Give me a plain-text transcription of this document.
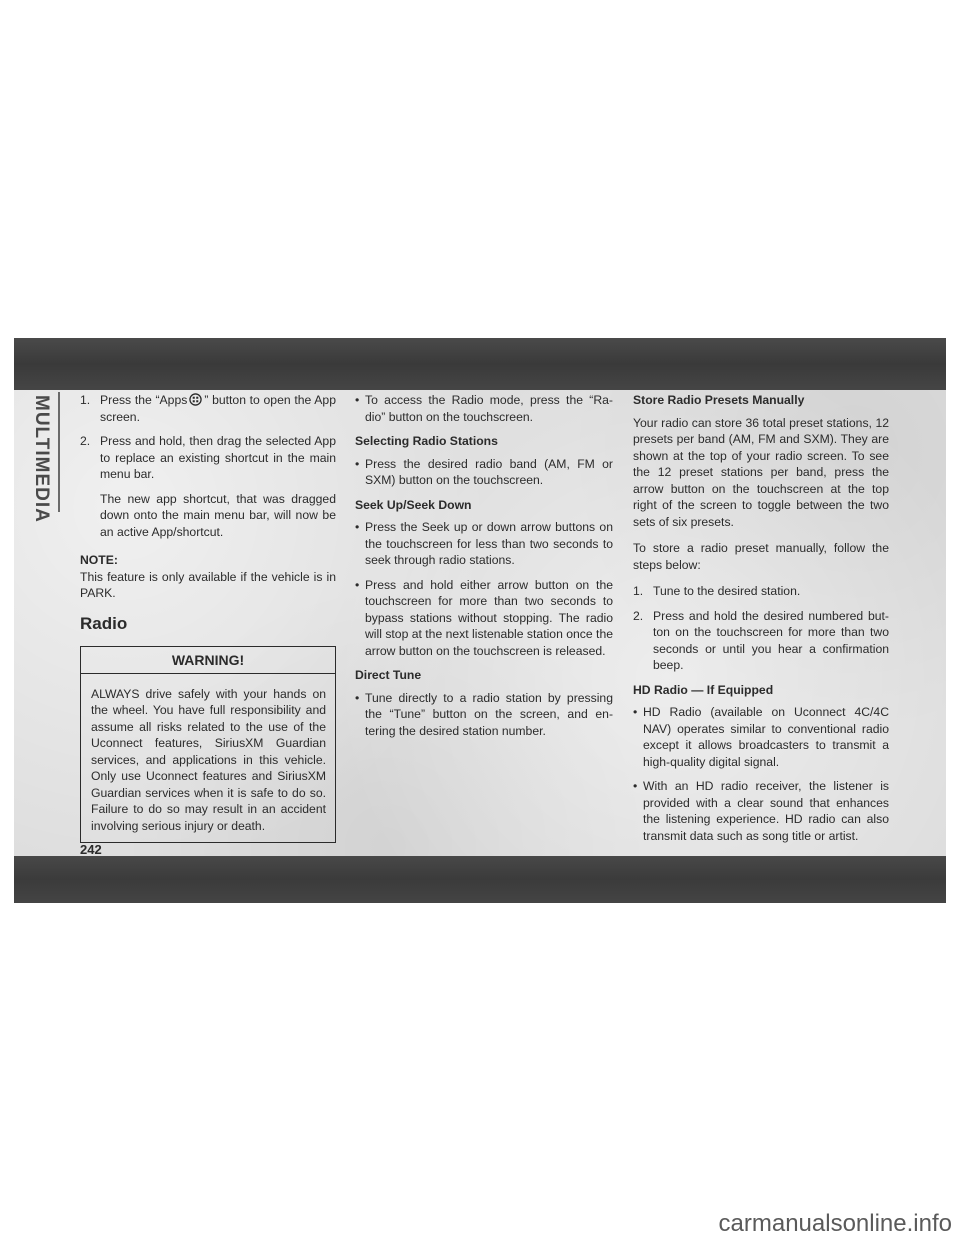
MULTIMEDIA 1. Press the “Apps ” button to open the App screen.
2. Press and hold, then drag the selected App to replace an existing shortcut in the main menu bar.

The new app shortcut, that was dragged down onto the main menu bar, will now be an active App/shortcut.

NOTE:

This feature is only available if the vehicle is in PARK.

Radio
WARNING!
ALWAYS drive safely with your hands on the wheel. You have full responsibility and assume all risks related to the use of the Uconnect features, SiriusXM Guardian services, and applications in this vehicle. Only use Uconnect features and SiriusXM Guardian services when it is safe to do so. Failure to do so may result in an accident involving serious injury or death.
• To access the Radio mode, press the “Ra- dio” button on the touchscreen.

Selecting Radio Stations

• Press the desired radio band (AM, FM or SXM) button on the touchscreen.

Seek Up/Seek Down

• Press the Seek up or down arrow buttons on the touchscreen for less than two seconds to seek through radio stations.
• Press and hold either arrow button on the touchscreen for more than two seconds to bypass stations without stopping. The radio will stop at the next listenable station once the arrow button on the touchscreen is released.

Direct Tune

• Tune directly to a radio station by pressing the “Tune” button on the screen, and en- tering the desired station number.

Store Radio Presets Manually

Your radio can store 36 total preset stations, 12 presets per band (AM, FM and SXM). They are shown at the top of your radio screen. To see the 12 preset stations per band, press the arrow button on the touchscreen at the top right of the screen to toggle between the two sets of six presets.

To store a radio preset manually, follow the steps below:

1. Tune to the desired station.
2. Press and hold the desired numbered but- ton on the touchscreen for more than two seconds or until you hear a confirmation beep.

HD Radio — If Equipped

• HD Radio (available on Uconnect 4C/4C NAV) operates similar to conventional radio except it allows broadcasters to transmit a high-quality digital signal.
• With an HD radio receiver, the listener is provided with a clear sound that enhances the listening experience. HD radio can also transmit data such as song title or artist.
242
carmanualsonline.info
